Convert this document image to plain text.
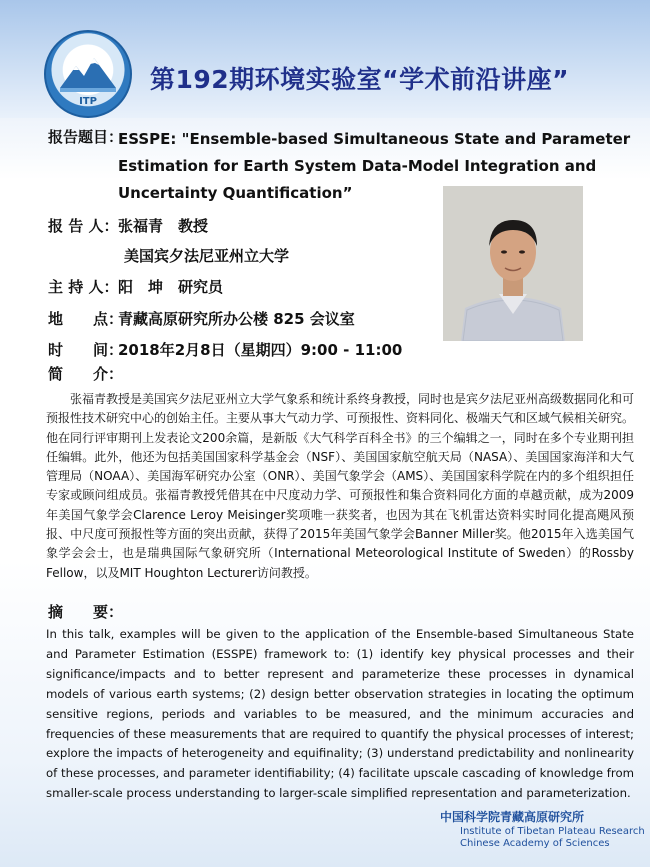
ITP
第192期环境实验室“学术前沿讲座”
报告题目：
ESSPE: "Ensemble-based Simultaneous State and Parameter Estimation for Earth System Data-Model Integration and Uncertainty Quantification”
报 告 人： 张福青　教授
美国宾夕法尼亚州立大学
主 持 人： 阳　坤　研究员
地　　点：
青藏高原研究所办公楼 825 会议室
时　　间：
2018年2月8日（星期四）9:00 - 11:00
简　　介：
张福青教授是美国宾夕法尼亚州立大学气象系和统计系终身教授，同时也是宾夕法尼亚州高级数据同化和可预报性技术研究中心的创始主任。主要从事大气动力学、可预报性、资料同化、极端天气和区域气候相关研究。他在同行评审期刊上发表论文200余篇，是新版《大气科学百科全书》的三个编辑之一，同时在多个专业期刊担任编辑。此外，他还为包括美国国家科学基金会（NSF）、美国国家航空航天局（NASA）、美国国家海洋和大气管理局（NOAA）、美国海军研究办公室（ONR）、美国气象学会（AMS）、美国国家科学院在内的多个组织担任专家或顾问组成员。张福青教授凭借其在中尺度动力学、可预报性和集合资料同化方面的卓越贡献，成为2009年美国气象学会Clarence Leroy Meisinger奖项唯一获奖者，也因为其在飞机雷达资料实时同化提高飓风预报、中尺度可预报性等方面的突出贡献，获得了2015年美国气象学会Banner Miller奖。他2015年入选美国气象学会会士，也是瑞典国际气象研究所（International Meteorological Institute of Sweden）的Rossby Fellow，以及MIT Houghton Lecturer访问教授。
摘　　要：
In this talk, examples will be given to the application of the Ensemble-based Simultaneous State and Parameter Estimation (ESSPE) framework to: (1) identify key physical processes and their significance/impacts and to better represent and parameterize these processes in dynamical models of various earth systems; (2) design better observation strategies in locating the optimum sensitive regions, periods and variables to be measured, and the minimum accuracies and frequencies of these measurements that are required to quantify the physical processes of interest; explore the impacts of heterogeneity and equifinality; (3) understand predictability and nonlinearity of these processes, and parameter identifiability; (4) facilitate upscale cascading of knowledge from smaller-scale process understanding to larger-scale simplified representation and parameterization.
中国科学院青藏高原研究所
Institute of Tibetan Plateau Research
Chinese Academy of Sciences
